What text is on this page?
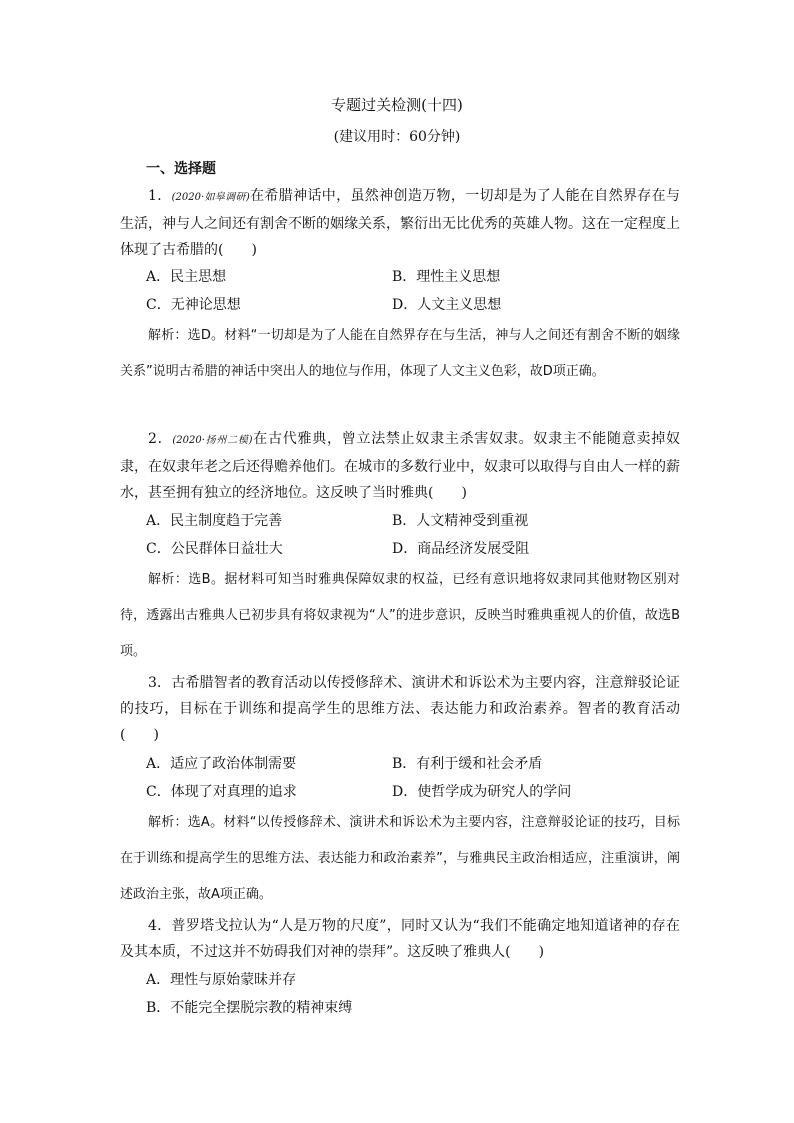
专题过关检测(十四)
(建议用时：60分钟)
一、选择题
1．(2020·如皋调研)在希腊神话中，虽然神创造万物，一切却是为了人能在自然界存在与生活，神与人之间还有割舍不断的姻缘关系，繁衍出无比优秀的英雄人物。这在一定程度上体现了古希腊的(　　)
A．民主思想	B．理性主义思想
C．无神论思想	D．人文主义思想
解析：选D。材料“一切却是为了人能在自然界存在与生活，神与人之间还有割舍不断的姻缘关系”说明古希腊的神话中突出人的地位与作用，体现了人文主义色彩，故D项正确。
2．(2020·扬州二模)在古代雅典，曾立法禁止奴隶主杀害奴隶。奴隶主不能随意卖掉奴隶，在奴隶年老之后还得赡养他们。在城市的多数行业中，奴隶可以取得与自由人一样的薪水，甚至拥有独立的经济地位。这反映了当时雅典(　　)
A．民主制度趋于完善	B．人文精神受到重视
C．公民群体日益壮大	D．商品经济发展受阻
解析：选B。据材料可知当时雅典保障奴隶的权益，已经有意识地将奴隶同其他财物区别对待，透露出古雅典人已初步具有将奴隶视为“人”的进步意识，反映当时雅典重视人的价值，故选B项。
3．古希腊智者的教育活动以传授修辞术、演讲术和诉讼术为主要内容，注意辩驳论证的技巧，目标在于训练和提高学生的思维方法、表达能力和政治素养。智者的教育活动(　　)
A．适应了政治体制需要	B．有利于缓和社会矛盾
C．体现了对真理的追求	D．使哲学成为研究人的学问
解析：选A。材料“以传授修辞术、演讲术和诉讼术为主要内容，注意辩驳论证的技巧，目标在于训练和提高学生的思维方法、表达能力和政治素养”，与雅典民主政治相适应，注重演讲，阐述政治主张，故A项正确。
4．普罗塔戈拉认为“人是万物的尺度”，同时又认为“我们不能确定地知道诸神的存在及其本质，不过这并不妨碍我们对神的崇拜”。这反映了雅典人(　　)
A．理性与原始蒙昧并存
B．不能完全摆脱宗教的精神束缚
